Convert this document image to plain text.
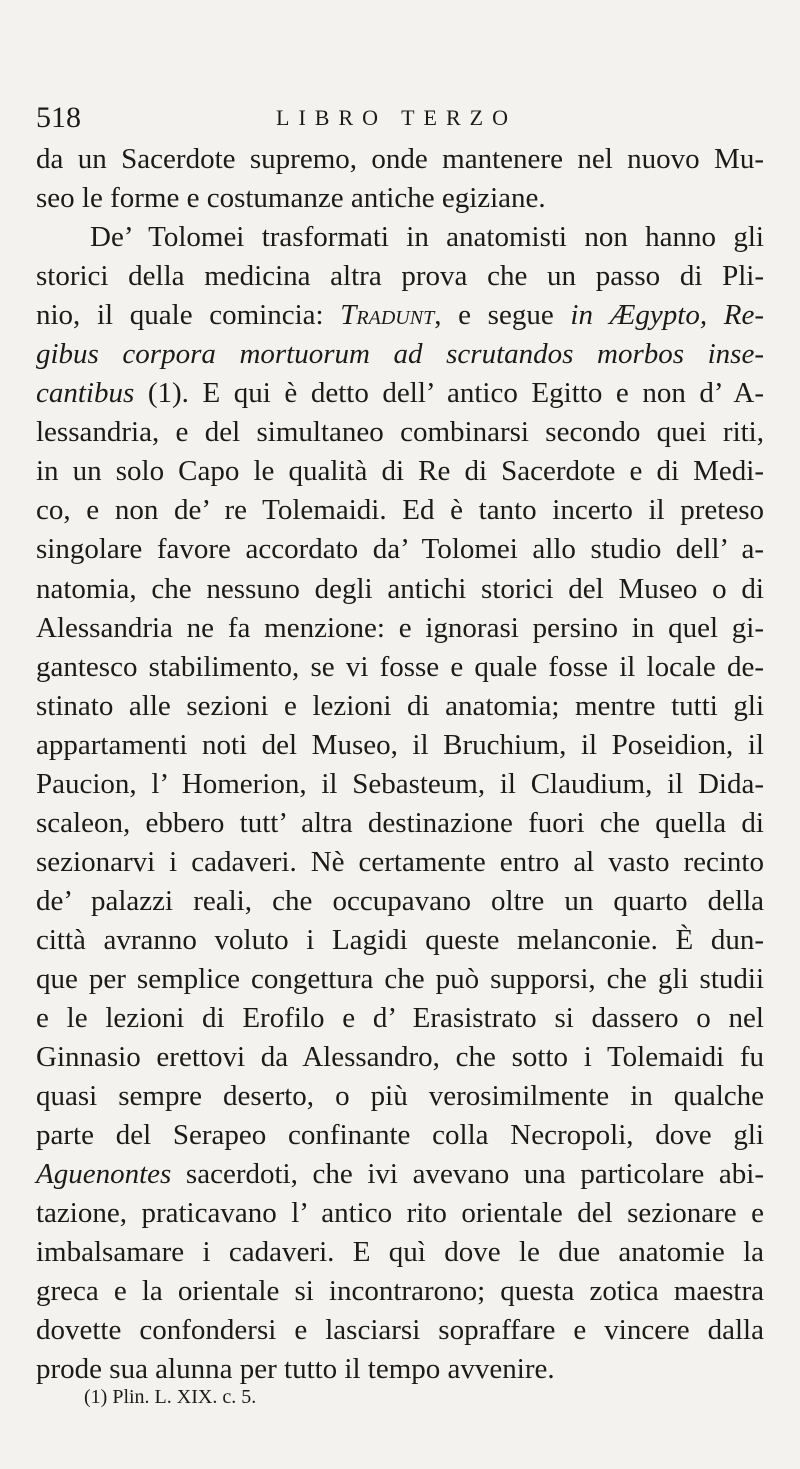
518	LIBRO TERZO
da un Sacerdote supremo, onde mantenere nel nuovo Mu-
seo le forme e costumanze antiche egiziane.
De’ Tolomei trasformati in anatomisti non hanno gli
storici della medicina altra prova che un passo di Pli-
nio, il quale comincia: Tradunt, e segue in Ægypto, Re-
gibus corpora mortuorum ad scrutandos morbos inse-
cantibus (1). E qui è detto dell’ antico Egitto e non d’ A-
lessandria, e del simultaneo combinarsi secondo quei riti,
in un solo Capo le qualità di Re di Sacerdote e di Medi-
co, e non de’ re Tolemaidi. Ed è tanto incerto il preteso
singolare favore accordato da’ Tolomei allo studio dell’ a-
natomia, che nessuno degli antichi storici del Museo o di
Alessandria ne fa menzione: e ignorasi persino in quel gi-
gantesco stabilimento, se vi fosse e quale fosse il locale de-
stinato alle sezioni e lezioni di anatomia; mentre tutti gli
appartamenti noti del Museo, il Bruchium, il Poseidion, il
Paucion, l’ Homerion, il Sebasteum, il Claudium, il Dida-
scaleon, ebbero tutt’ altra destinazione fuori che quella di
sezionarvi i cadaveri. Nè certamente entro al vasto recinto
de’ palazzi reali, che occupavano oltre un quarto della
città avranno voluto i Lagidi queste melanconie. È dun-
que per semplice congettura che può supporsi, che gli studii
e le lezioni di Erofilo e d’ Erasistrato si dassero o nel
Ginnasio erettovi da Alessandro, che sotto i Tolemaidi fu
quasi sempre deserto, o più verosimilmente in qualche
parte del Serapeo confinante colla Necropoli, dove gli
Aguenontes sacerdoti, che ivi avevano una particolare abi-
tazione, praticavano l’ antico rito orientale del sezionare e
imbalsamare i cadaveri. E quì dove le due anatomie la
greca e la orientale si incontrarono; questa zotica maestra
dovette confondersi e lasciarsi sopraffare e vincere dalla
prode sua alunna per tutto il tempo avvenire.
(1) Plin. L. XIX. c. 5.
